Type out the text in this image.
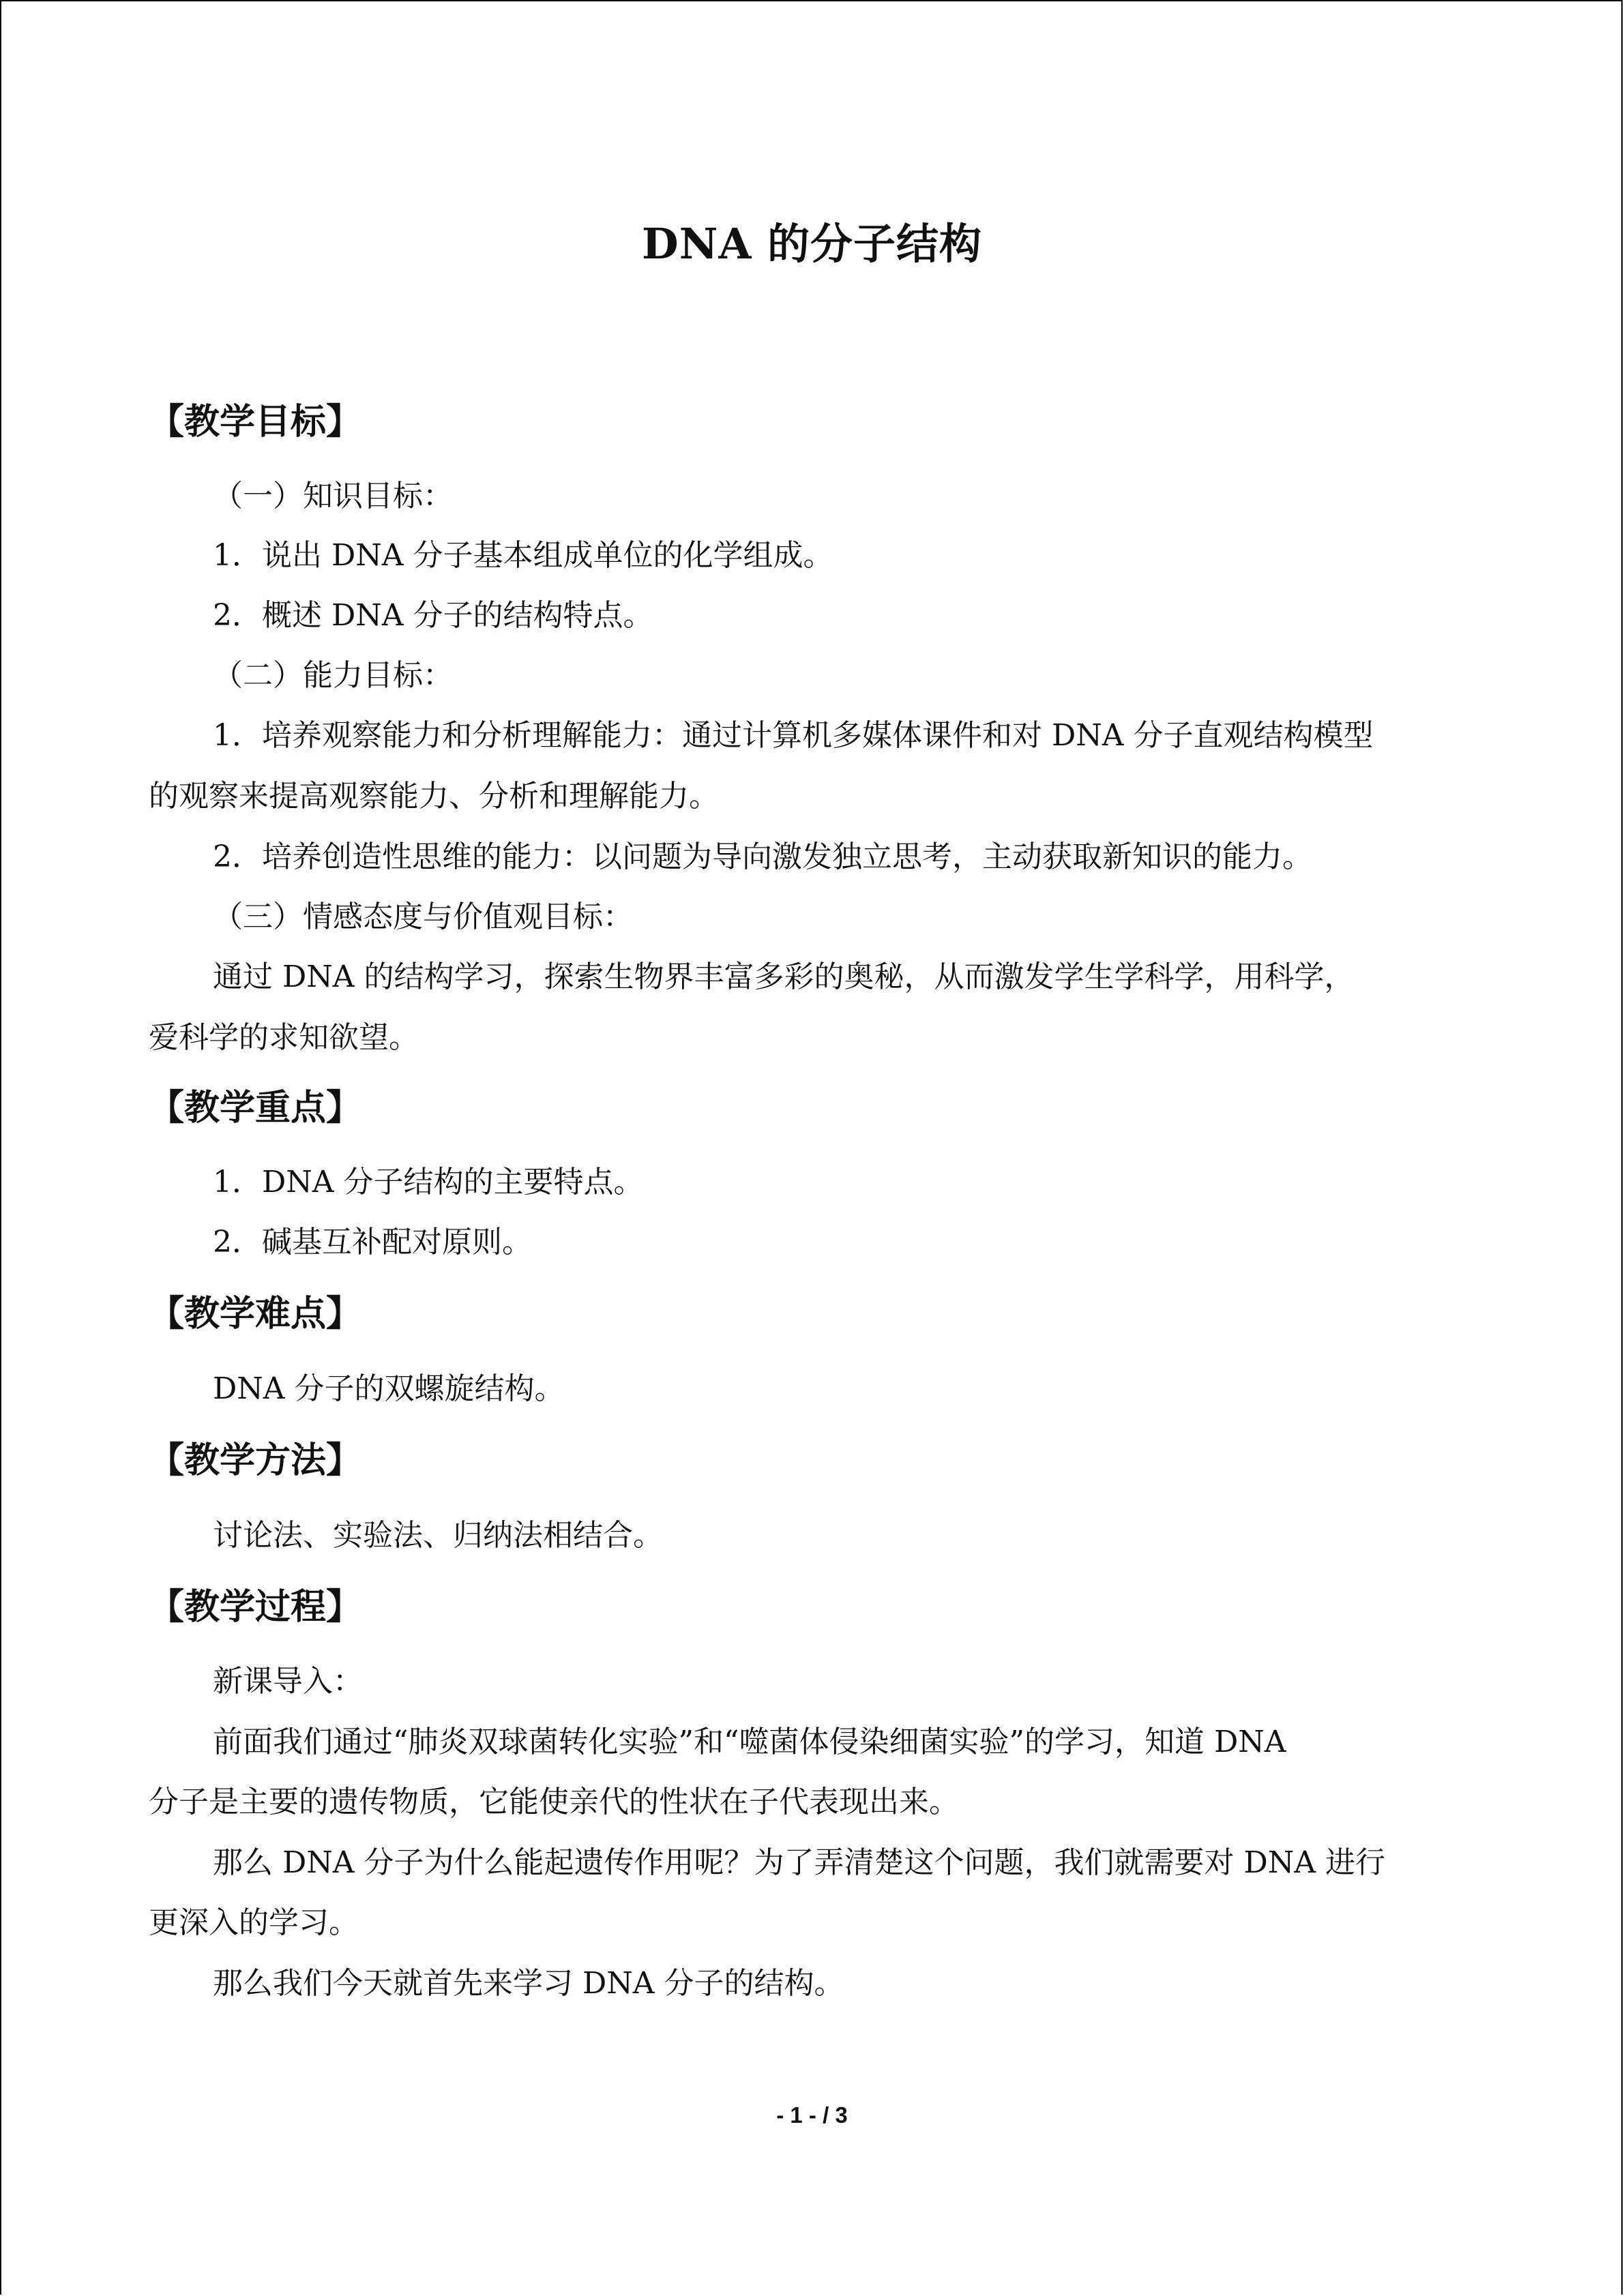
DNA 的分子结构
【教学目标】
（一）知识目标：
1．说出 DNA 分子基本组成单位的化学组成。
2．概述 DNA 分子的结构特点。
（二）能力目标：
1．培养观察能力和分析理解能力：通过计算机多媒体课件和对 DNA 分子直观结构模型
的观察来提高观察能力、分析和理解能力。
2．培养创造性思维的能力：以问题为导向激发独立思考，主动获取新知识的能力。
（三）情感态度与价值观目标：
通过 DNA 的结构学习，探索生物界丰富多彩的奥秘，从而激发学生学科学，用科学，
爱科学的求知欲望。
【教学重点】
1．DNA 分子结构的主要特点。
2．碱基互补配对原则。
【教学难点】
DNA 分子的双螺旋结构。
【教学方法】
讨论法、实验法、归纳法相结合。
【教学过程】
新课导入：
前面我们通过“肺炎双球菌转化实验”和“噬菌体侵染细菌实验”的学习，知道 DNA
分子是主要的遗传物质，它能使亲代的性状在子代表现出来。
那么 DNA 分子为什么能起遗传作用呢？为了弄清楚这个问题，我们就需要对 DNA 进行
更深入的学习。
那么我们今天就首先来学习 DNA 分子的结构。
- 1 - / 3
